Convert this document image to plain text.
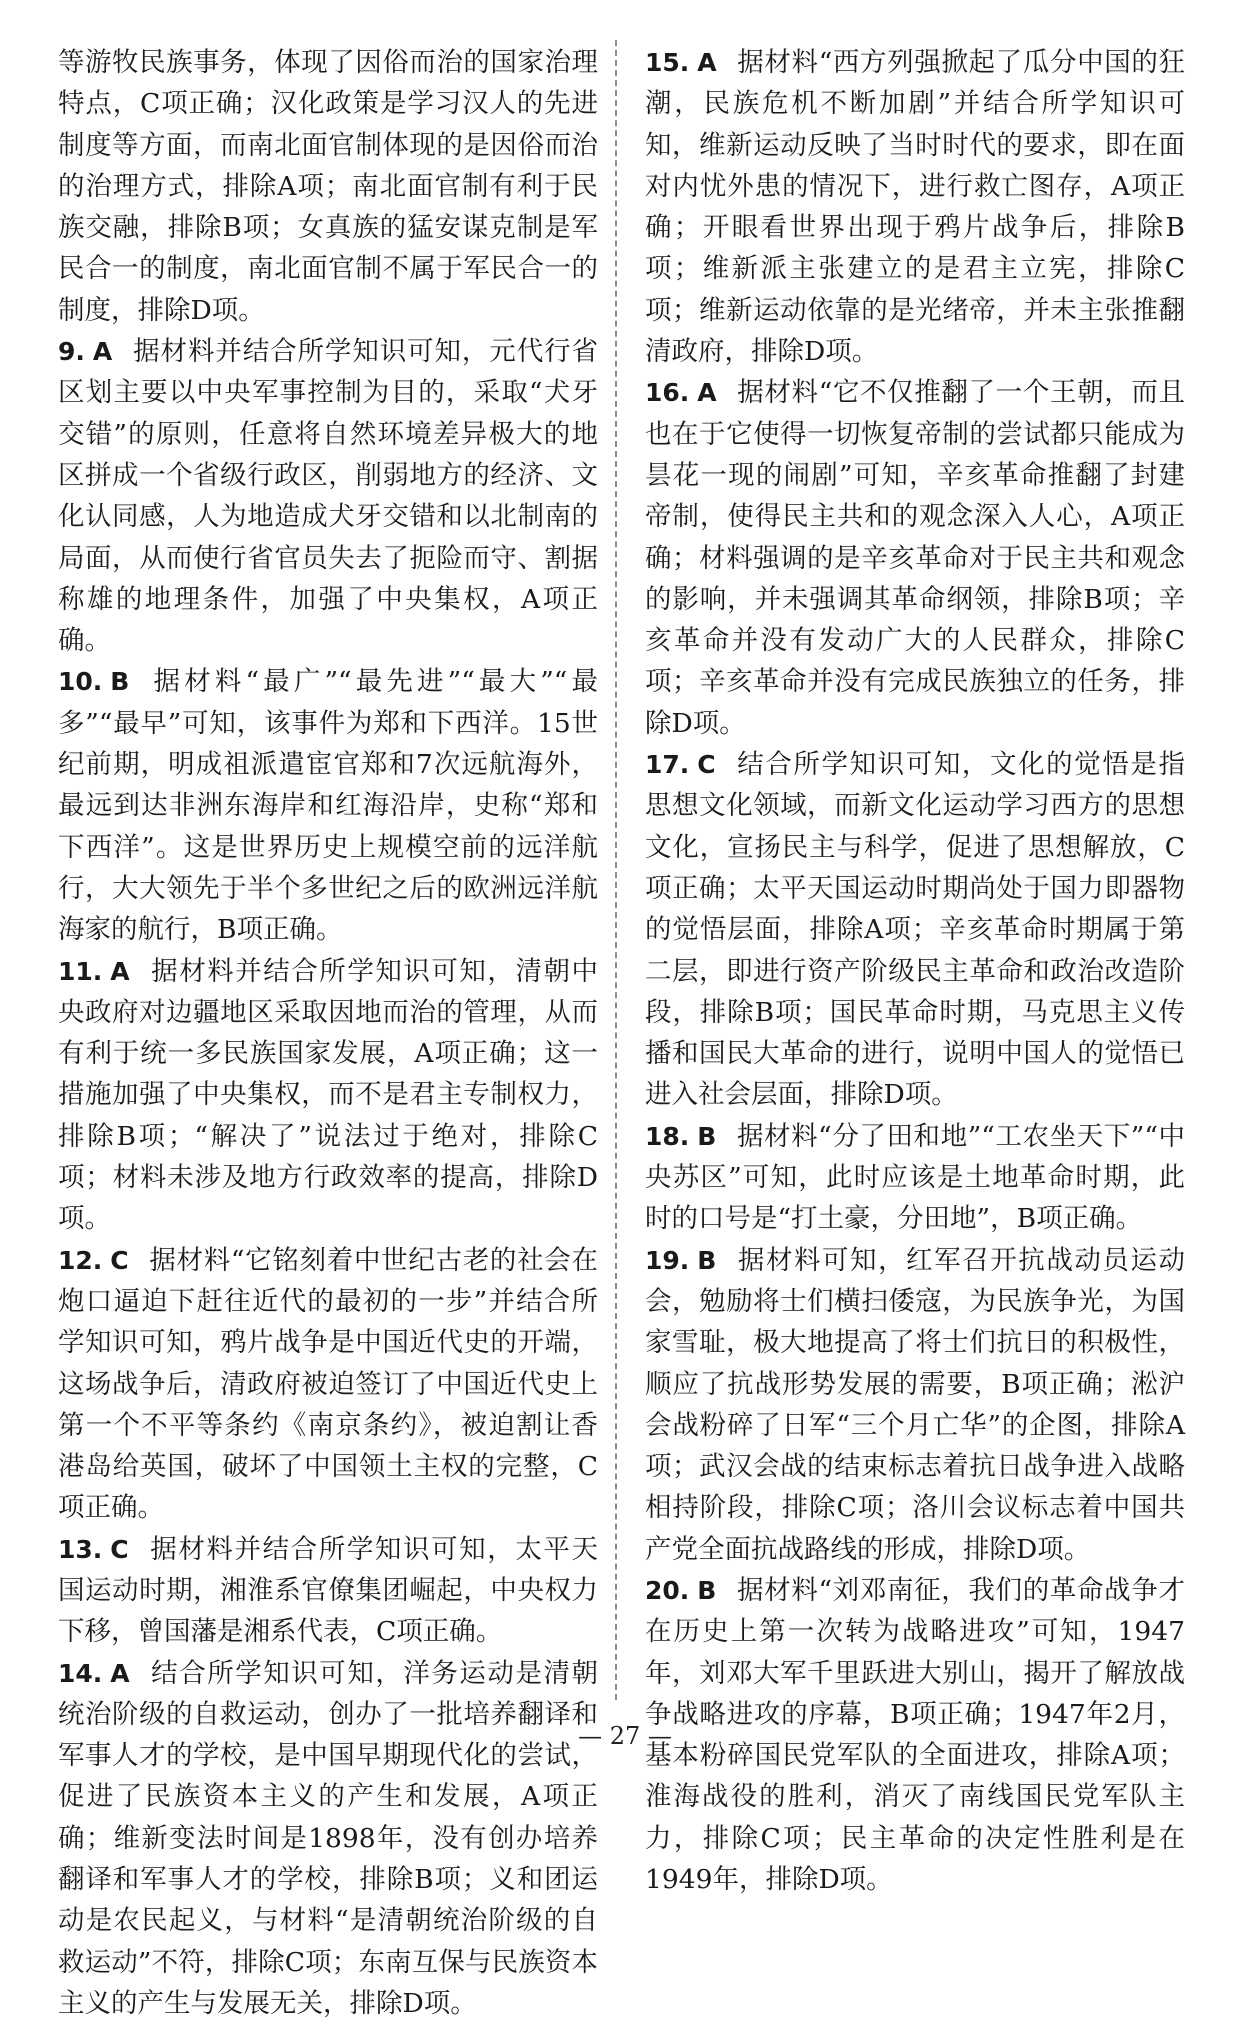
等游牧民族事务，体现了因俗而治的国家治理特点，C项正确；汉化政策是学习汉人的先进制度等方面，而南北面官制体现的是因俗而治的治理方式，排除A项；南北面官制有利于民族交融，排除B项；女真族的猛安谋克制是军民合一的制度，南北面官制不属于军民合一的制度，排除D项。

9. A 据材料并结合所学知识可知，元代行省区划主要以中央军事控制为目的，采取“犬牙交错”的原则，任意将自然环境差异极大的地区拼成一个省级行政区，削弱地方的经济、文化认同感，人为地造成犬牙交错和以北制南的局面，从而使行省官员失去了扼险而守、割据称雄的地理条件，加强了中央集权，A项正确。

10. B 据材料“最广”“最先进”“最大”“最多”“最早”可知，该事件为郑和下西洋。15世纪前期，明成祖派遣宦官郑和7次远航海外，最远到达非洲东海岸和红海沿岸，史称“郑和下西洋”。这是世界历史上规模空前的远洋航行，大大领先于半个多世纪之后的欧洲远洋航海家的航行，B项正确。

11. A 据材料并结合所学知识可知，清朝中央政府对边疆地区采取因地而治的管理，从而有利于统一多民族国家发展，A项正确；这一措施加强了中央集权，而不是君主专制权力，排除B项；“解决了”说法过于绝对，排除C项；材料未涉及地方行政效率的提高，排除D项。

12. C 据材料“它铭刻着中世纪古老的社会在炮口逼迫下赶往近代的最初的一步”并结合所学知识可知，鸦片战争是中国近代史的开端，这场战争后，清政府被迫签订了中国近代史上第一个不平等条约《南京条约》，被迫割让香港岛给英国，破坏了中国领土主权的完整，C项正确。

13. C 据材料并结合所学知识可知，太平天国运动时期，湘淮系官僚集团崛起，中央权力下移，曾国藩是湘系代表，C项正确。

14. A 结合所学知识可知，洋务运动是清朝统治阶级的自救运动，创办了一批培养翻译和军事人才的学校，是中国早期现代化的尝试，促进了民族资本主义的产生和发展，A项正确；维新变法时间是1898年，没有创办培养翻译和军事人才的学校，排除B项；义和团运动是农民起义，与材料“是清朝统治阶级的自救运动”不符，排除C项；东南互保与民族资本主义的产生与发展无关，排除D项。

15. A 据材料“西方列强掀起了瓜分中国的狂潮，民族危机不断加剧”并结合所学知识可知，维新运动反映了当时时代的要求，即在面对内忧外患的情况下，进行救亡图存，A项正确；开眼看世界出现于鸦片战争后，排除B项；维新派主张建立的是君主立宪，排除C项；维新运动依靠的是光绪帝，并未主张推翻清政府，排除D项。

16. A 据材料“它不仅推翻了一个王朝，而且也在于它使得一切恢复帝制的尝试都只能成为昙花一现的闹剧”可知，辛亥革命推翻了封建帝制，使得民主共和的观念深入人心，A项正确；材料强调的是辛亥革命对于民主共和观念的影响，并未强调其革命纲领，排除B项；辛亥革命并没有发动广大的人民群众，排除C项；辛亥革命并没有完成民族独立的任务，排除D项。

17. C 结合所学知识可知，文化的觉悟是指思想文化领域，而新文化运动学习西方的思想文化，宣扬民主与科学，促进了思想解放，C项正确；太平天国运动时期尚处于国力即器物的觉悟层面，排除A项；辛亥革命时期属于第二层，即进行资产阶级民主革命和政治改造阶段，排除B项；国民革命时期，马克思主义传播和国民大革命的进行，说明中国人的觉悟已进入社会层面，排除D项。

18. B 据材料“分了田和地”“工农坐天下”“中央苏区”可知，此时应该是土地革命时期，此时的口号是“打土豪，分田地”，B项正确。

19. B 据材料可知，红军召开抗战动员运动会，勉励将士们横扫倭寇，为民族争光，为国家雪耻，极大地提高了将士们抗日的积极性，顺应了抗战形势发展的需要，B项正确；淞沪会战粉碎了日军“三个月亡华”的企图，排除A项；武汉会战的结束标志着抗日战争进入战略相持阶段，排除C项；洛川会议标志着中国共产党全面抗战路线的形成，排除D项。

20. B 据材料“刘邓南征，我们的革命战争才在历史上第一次转为战略进攻”可知，1947年，刘邓大军千里跃进大别山，揭开了解放战争战略进攻的序幕，B项正确；1947年2月，基本粉碎国民党军队的全面进攻，排除A项；淮海战役的胜利，消灭了南线国民党军队主力，排除C项；民主革命的决定性胜利是在1949年，排除D项。

— 27 —
